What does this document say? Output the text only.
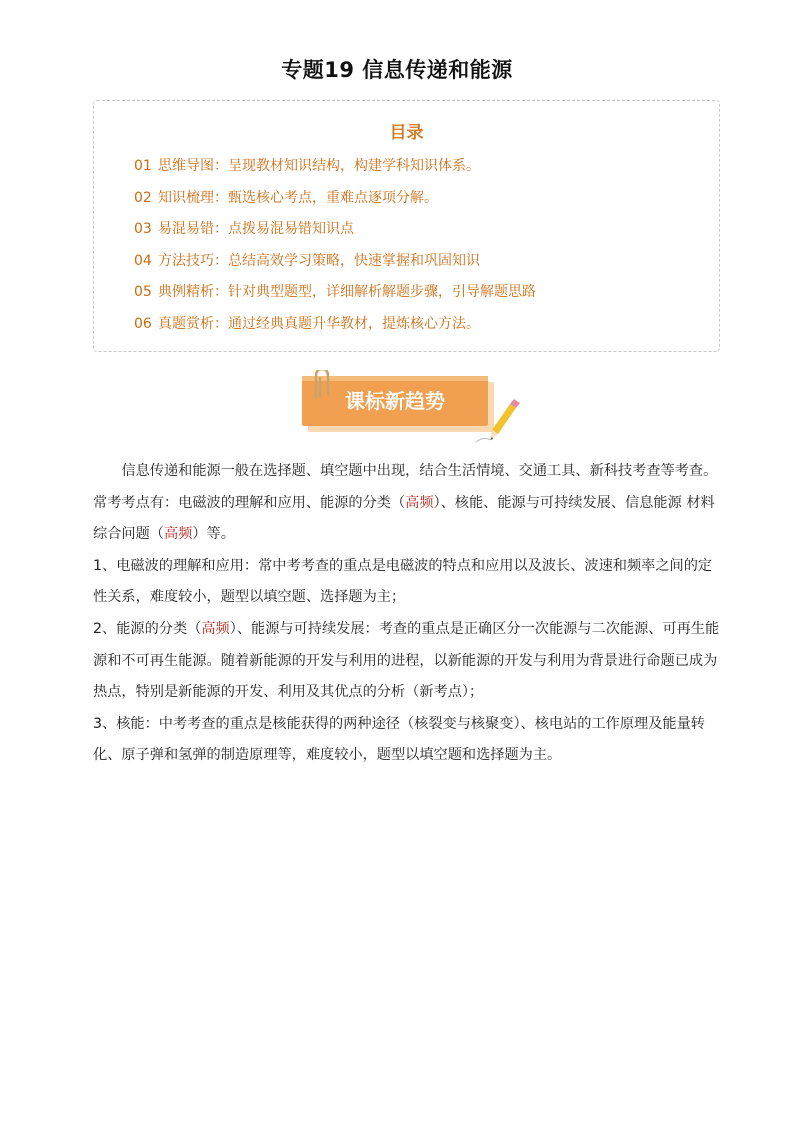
专题19 信息传递和能源
目录
01 思维导图：呈现教材知识结构，构建学科知识体系。
02 知识梳理：甄选核心考点，重难点逐项分解。
03 易混易错：点拨易混易错知识点
04 方法技巧：总结高效学习策略，快速掌握和巩固知识
05 典例精析：针对典型题型，详细解析解题步骤，引导解题思路
06 真题赏析：通过经典真题升华教材，提炼核心方法。
课标新趋势

信息传递和能源一般在选择题、填空题中出现，结合生活情境、交通工具、新科技考查等考查。

常考考点有：电磁波的理解和应用、能源的分类（高频）、核能、能源与可持续发展、信息能源 材料综合问题（高频）等。

1、电磁波的理解和应用：常中考考查的重点是电磁波的特点和应用以及波长、波速和频率之间的定性关系，难度较小，题型以填空题、选择题为主；

2、能源的分类（高频）、能源与可持续发展：考查的重点是正确区分一次能源与二次能源、可再生能源和不可再生能源。随着新能源的开发与利用的进程，以新能源的开发与利用为背景进行命题已成为热点，特别是新能源的开发、利用及其优点的分析（新考点）；

3、核能：中考考查的重点是核能获得的两种途径（核裂变与核聚变）、核电站的工作原理及能量转化、原子弹和氢弹的制造原理等，难度较小，题型以填空题和选择题为主。
